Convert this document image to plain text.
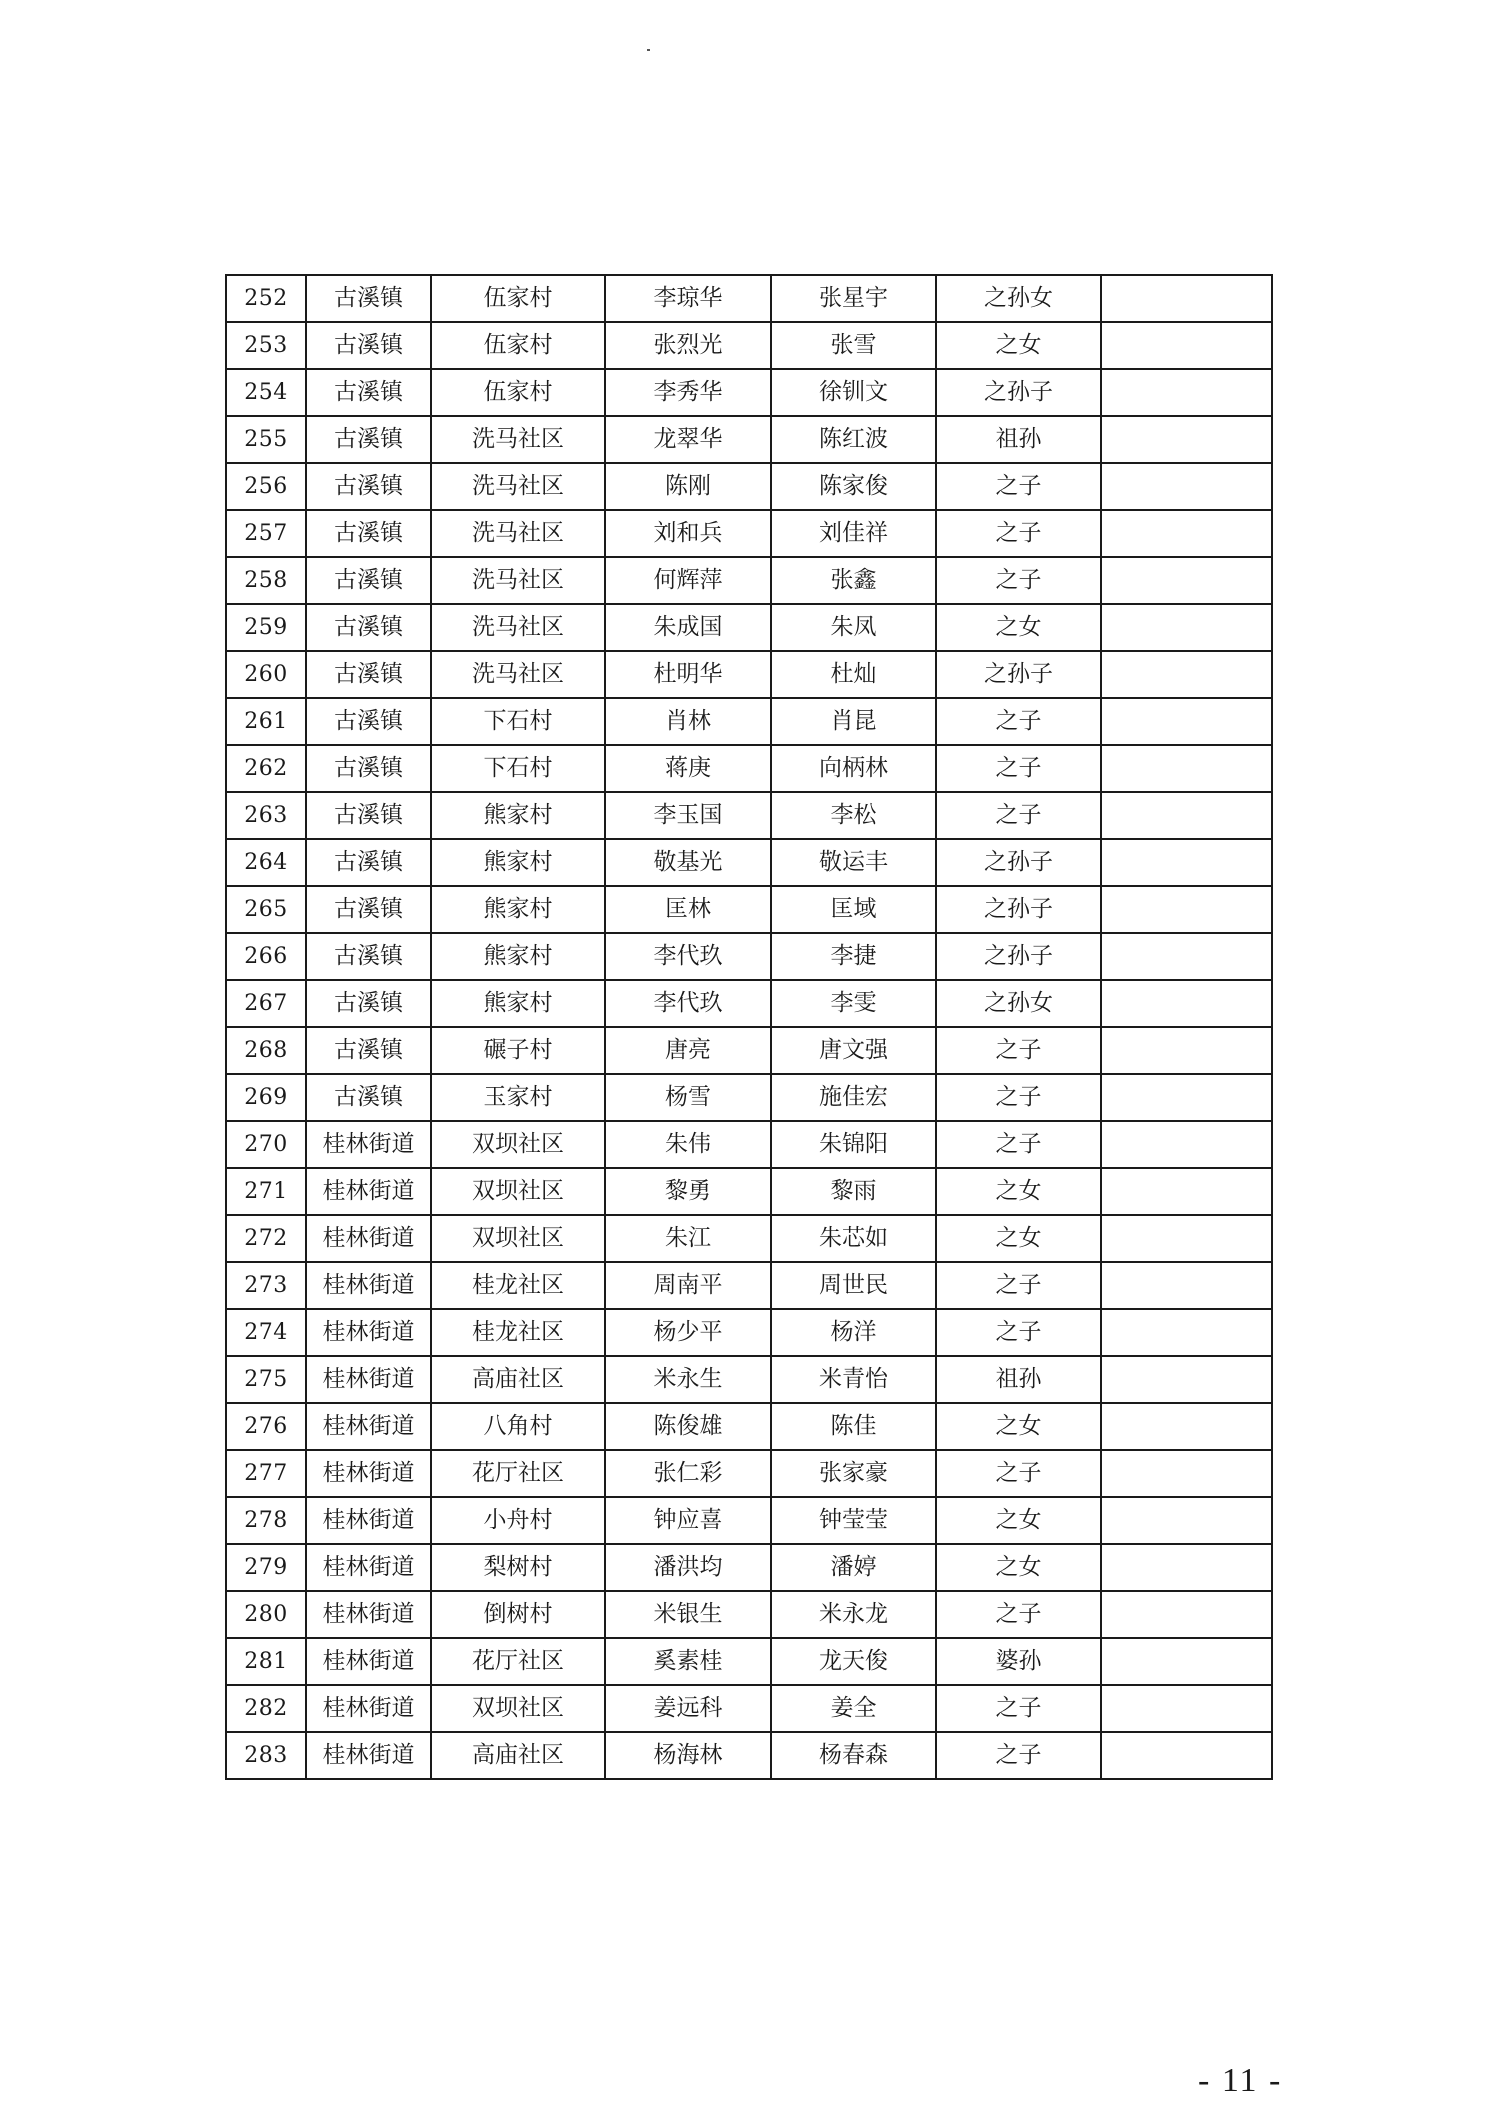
252	古溪镇	伍家村	李琼华	张星宇	之孙女	
253	古溪镇	伍家村	张烈光	张雪	之女	
254	古溪镇	伍家村	李秀华	徐钏文	之孙子	
255	古溪镇	洗马社区	龙翠华	陈红波	祖孙	
256	古溪镇	洗马社区	陈刚	陈家俊	之子	
257	古溪镇	洗马社区	刘和兵	刘佳祥	之子	
258	古溪镇	洗马社区	何辉萍	张鑫	之子	
259	古溪镇	洗马社区	朱成国	朱凤	之女	
260	古溪镇	洗马社区	杜明华	杜灿	之孙子	
261	古溪镇	下石村	肖林	肖昆	之子	
262	古溪镇	下石村	蒋庚	向柄林	之子	
263	古溪镇	熊家村	李玉国	李松	之子	
264	古溪镇	熊家村	敬基光	敬运丰	之孙子	
265	古溪镇	熊家村	匡林	匡域	之孙子	
266	古溪镇	熊家村	李代玖	李捷	之孙子	
267	古溪镇	熊家村	李代玖	李雯	之孙女	
268	古溪镇	碾子村	唐亮	唐文强	之子	
269	古溪镇	玉家村	杨雪	施佳宏	之子	
270	桂林街道	双坝社区	朱伟	朱锦阳	之子	
271	桂林街道	双坝社区	黎勇	黎雨	之女	
272	桂林街道	双坝社区	朱江	朱芯如	之女	
273	桂林街道	桂龙社区	周南平	周世民	之子	
274	桂林街道	桂龙社区	杨少平	杨洋	之子	
275	桂林街道	高庙社区	米永生	米青怡	祖孙	
276	桂林街道	八角村	陈俊雄	陈佳	之女	
277	桂林街道	花厅社区	张仁彩	张家豪	之子	
278	桂林街道	小舟村	钟应喜	钟莹莹	之女	
279	桂林街道	梨树村	潘洪均	潘婷	之女	
280	桂林街道	倒树村	米银生	米永龙	之子	
281	桂林街道	花厅社区	奚素桂	龙天俊	婆孙	
282	桂林街道	双坝社区	姜远科	姜全	之子	
283	桂林街道	高庙社区	杨海林	杨春森	之子	
- 11 -
